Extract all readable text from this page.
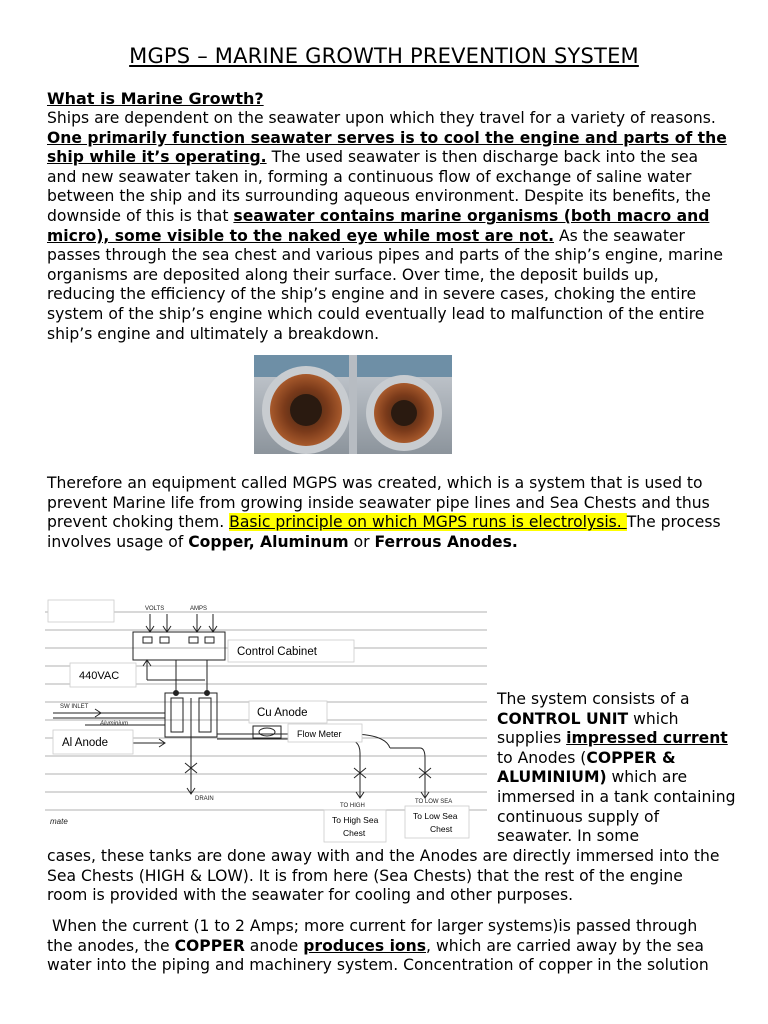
MGPS – MARINE GROWTH PREVENTION SYSTEM
What is Marine Growth?
Ships are dependent on the seawater upon which they travel for a variety of reasons. One primarily function seawater serves is to cool the engine and parts of the ship while it’s operating. The used seawater is then discharge back into the sea and new seawater taken in, forming a continuous flow of exchange of saline water between the ship and its surrounding aqueous environment. Despite its benefits, the downside of this is that seawater contains marine organisms (both macro and micro), some visible to the naked eye while most are not. As the seawater passes through the sea chest and various pipes and parts of the ship’s engine, marine organisms are deposited along their surface. Over time, the deposit builds up, reducing the efficiency of the ship’s engine and in severe cases, choking the entire system of the ship’s engine which could eventually lead to malfunction of the entire ship’s engine and ultimately a breakdown.
Therefore an equipment called MGPS was created, which is a system that is used to prevent Marine life from growing inside seawater pipe lines and Sea Chests and thus prevent choking them. Basic principle on which MGPS runs is electrolysis. The process involves usage of Copper, Aluminum or Ferrous Anodes.
VOLTS	AMPS
SW INLET
Aluminium
DRAIN
TO HIGH
TO LOW SEA
mate
Control Cabinet
440VAC
Cu Anode
Flow Meter
Al Anode
To High Sea
Chest
To Low Sea
Chest
The system consists of a CONTROL UNIT which supplies impressed current to Anodes (COPPER & ALUMINIUM) which are immersed in a tank containing continuous supply of seawater. In some
cases, these tanks are done away with and the Anodes are directly immersed into the Sea Chests (HIGH & LOW). It is from here (Sea Chests) that the rest of the engine room is provided with the seawater for cooling and other purposes.
When the current (1 to 2 Amps; more current for larger systems)is passed through the anodes, the COPPER anode produces ions, which are carried away by the sea water into the piping and machinery system. Concentration of copper in the solution
